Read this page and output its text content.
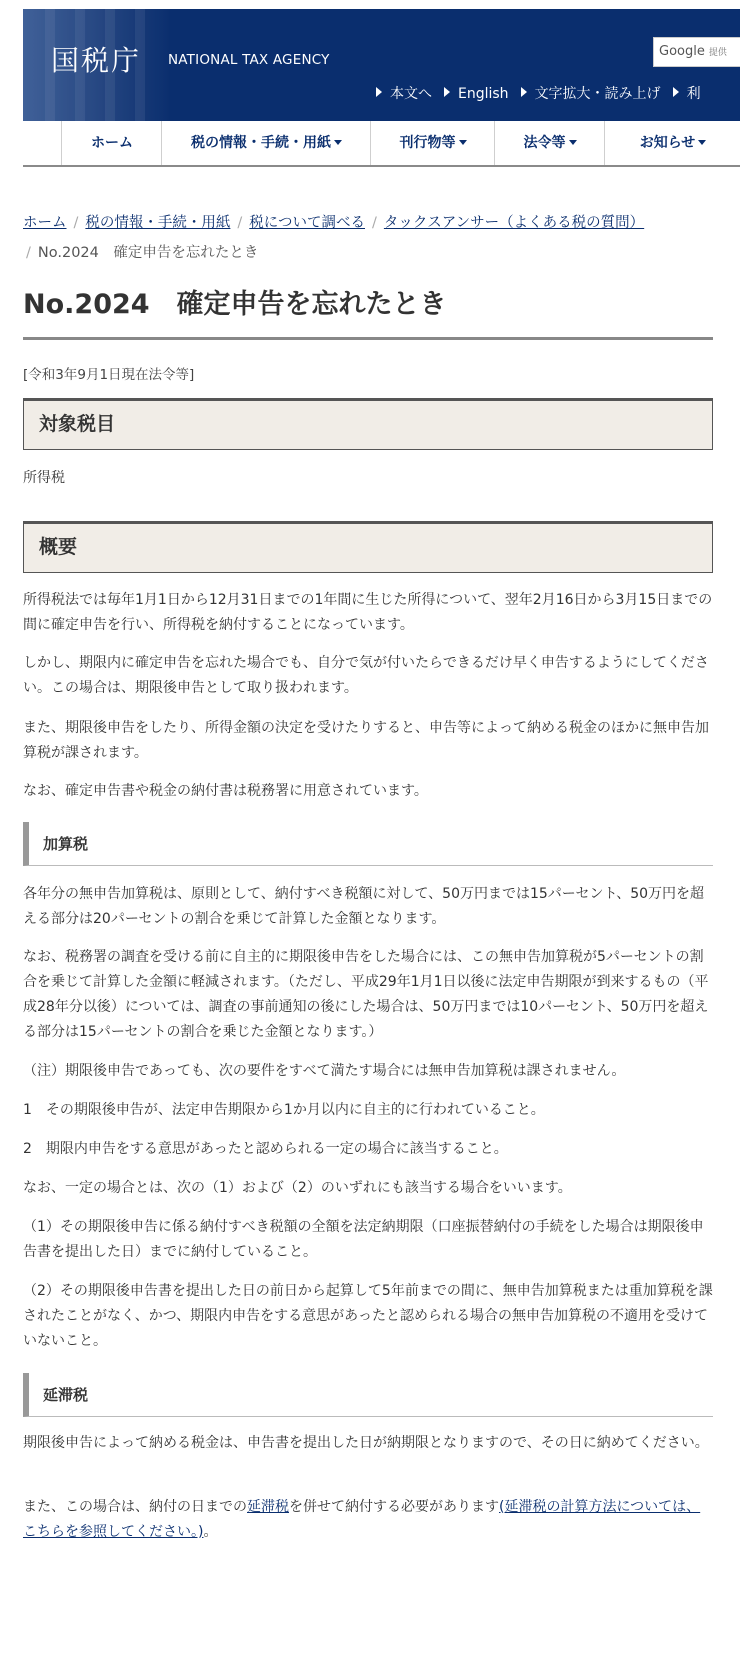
国税庁 NATIONAL TAX AGENCY
Google 提供
本文へ English 文字拡大・読み上げ 利
ホーム	税の情報・手続・用紙	刊行物等	法令等	お知らせ
ホーム / 税の情報・手続・用紙 / 税について調べる / タックスアンサー（よくある税の質問）
/ No.2024　確定申告を忘れたとき
No.2024　確定申告を忘れたとき
[令和3年9月1日現在法令等]
対象税目

所得税

概要

所得税法では毎年1月1日から12月31日までの1年間に生じた所得について、翌年2月16日から3月15日までの間に確定申告を行い、所得税を納付することになっています。

しかし、期限内に確定申告を忘れた場合でも、自分で気が付いたらできるだけ早く申告するようにしてください。この場合は、期限後申告として取り扱われます。

また、期限後申告をしたり、所得金額の決定を受けたりすると、申告等によって納める税金のほかに無申告加算税が課されます。

なお、確定申告書や税金の納付書は税務署に用意されています。

加算税

各年分の無申告加算税は、原則として、納付すべき税額に対して、50万円までは15パーセント、50万円を超える部分は20パーセントの割合を乗じて計算した金額となります。

なお、税務署の調査を受ける前に自主的に期限後申告をした場合には、この無申告加算税が5パーセントの割合を乗じて計算した金額に軽減されます。（ただし、平成29年1月1日以後に法定申告期限が到来するもの（平成28年分以後）については、調査の事前通知の後にした場合は、50万円までは10パーセント、50万円を超える部分は15パーセントの割合を乗じた金額となります。）

（注）期限後申告であっても、次の要件をすべて満たす場合には無申告加算税は課されません。

1　その期限後申告が、法定申告期限から1か月以内に自主的に行われていること。

2　期限内申告をする意思があったと認められる一定の場合に該当すること。

なお、一定の場合とは、次の（1）および（2）のいずれにも該当する場合をいいます。

（1）その期限後申告に係る納付すべき税額の全額を法定納期限（口座振替納付の手続をした場合は期限後申告書を提出した日）までに納付していること。

（2）その期限後申告書を提出した日の前日から起算して5年前までの間に、無申告加算税または重加算税を課されたことがなく、かつ、期限内申告をする意思があったと認められる場合の無申告加算税の不適用を受けていないこと。

延滞税

期限後申告によって納める税金は、申告書を提出した日が納期限となりますので、その日に納めてください。

また、この場合は、納付の日までの延滞税を併せて納付する必要があります(延滞税の計算方法については、こちらを参照してください。)。
